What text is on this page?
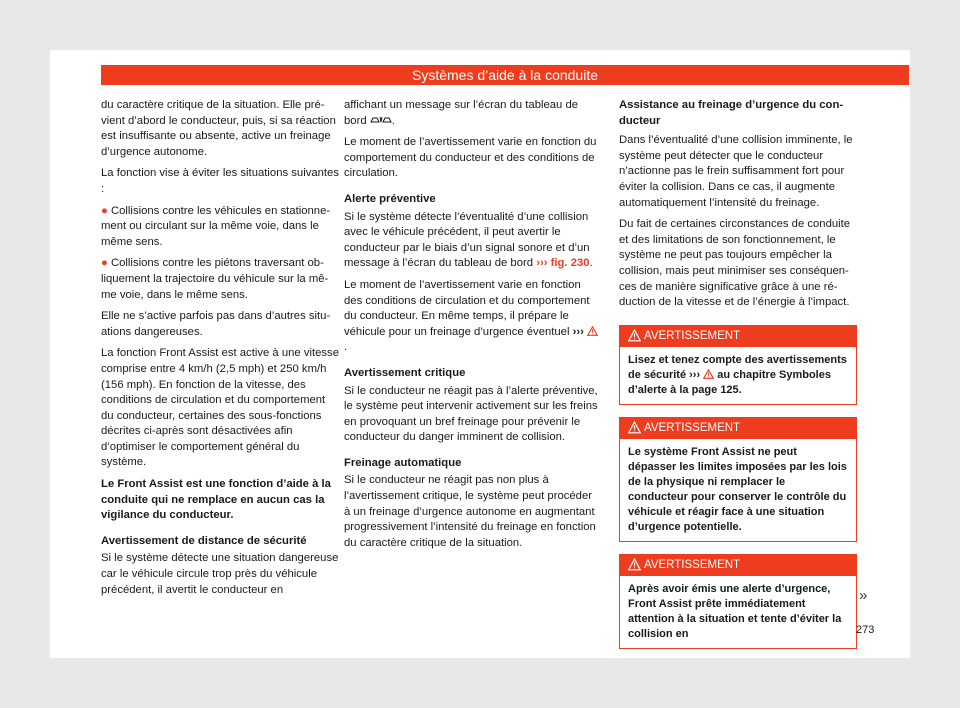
Systèmes d’aide à la conduite

du caractère critique de la situation. Elle prévient d’abord le conducteur, puis, si sa réaction est insuffisante ou absente, active un freinage d’urgence autonome.

La fonction vise à éviter les situations suivantes :

● Collisions contre les véhicules en stationnement ou circulant sur la même voie, dans le même sens.

● Collisions contre les piétons traversant obliquement la trajectoire du véhicule sur la même voie, dans le même sens.

Elle ne s’active parfois pas dans d’autres situations dangereuses.

La fonction Front Assist est active à une vitesse comprise entre 4 km/h (2,5 mph) et 250 km/h (156 mph). En fonction de la vitesse, des conditions de circulation et du comportement du conducteur, certaines des sous-fonctions décrites ci-après sont désactivées afin d’optimiser le comportement général du système.

Le Front Assist est une fonction d’aide à la conduite qui ne remplace en aucun cas la vigilance du conducteur.

Avertissement de distance de sécurité

Si le système détecte une situation dangereuse car le véhicule circule trop près du véhicule précédent, il avertit le conducteur en

affichant un message sur l’écran du tableau de bord .

Le moment de l’avertissement varie en fonction du comportement du conducteur et des conditions de circulation.

Alerte préventive

Si le système détecte l’éventualité d’une collision avec le véhicule précédent, il peut avertir le conducteur par le biais d’un signal sonore et d’un message à l’écran du tableau de bord ››› fig. 230.

Le moment de l’avertissement varie en fonction des conditions de circulation et du comportement du conducteur. En même temps, il prépare le véhicule pour un freinage d’urgence éventuel ››› .

Avertissement critique

Si le conducteur ne réagit pas à l’alerte préventive, le système peut intervenir activement sur les freins en provoquant un bref freinage pour prévenir le conducteur du danger imminent de collision.

Freinage automatique

Si le conducteur ne réagit pas non plus à l’avertissement critique, le système peut procéder à un freinage d’urgence autonome en augmentant progressivement l’intensité du freinage en fonction du caractère critique de la situation.

Assistance au freinage d’urgence du conducteur

Dans l’éventualité d’une collision imminente, le système peut détecter que le conducteur n’actionne pas le frein suffisamment fort pour éviter la collision. Dans ce cas, il augmente automatiquement l’intensité du freinage.

Du fait de certaines circonstances de conduite et des limitations de son fonctionnement, le système ne peut pas toujours empêcher la collision, mais peut minimiser ses conséquences de manière significative grâce à une réduction de la vitesse et de l’énergie à l’impact.

AVERTISSEMENT
Lisez et tenez compte des avertissements de sécurité ››› au chapitre Symboles d’alerte à la page 125.
AVERTISSEMENT
Le système Front Assist ne peut dépasser les limites imposées par les lois de la physique ni remplacer le conducteur pour conserver le contrôle du véhicule et réagir face à une situation d’urgence potentielle.
AVERTISSEMENT
Après avoir émis une alerte d’urgence, Front Assist prête immédiatement attention à la situation et tente d’éviter la collision en
»
273
